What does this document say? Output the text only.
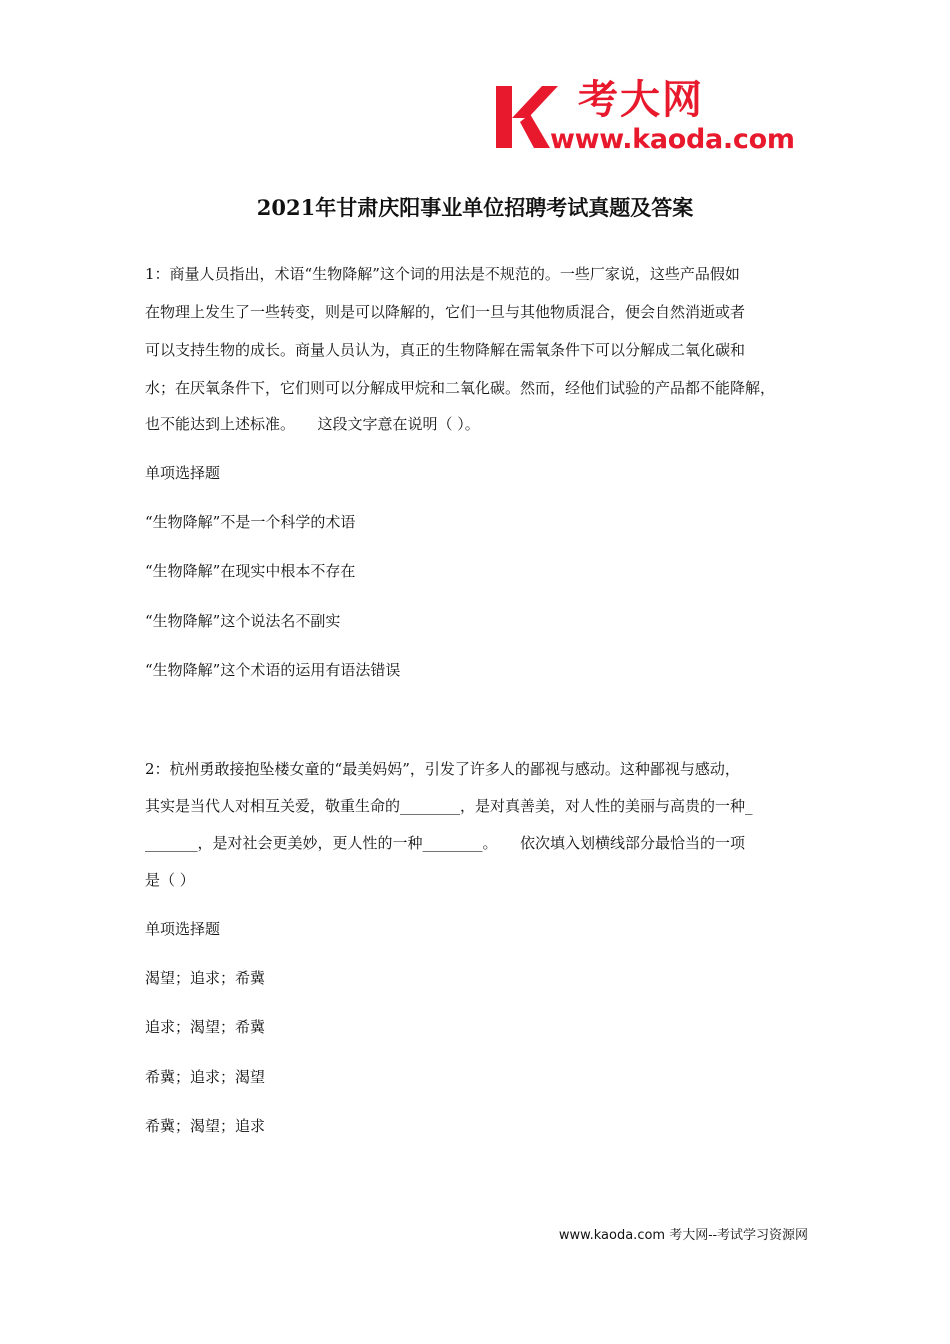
考大网
www.kaoda.com
2021年甘肃庆阳事业单位招聘考试真题及答案
1：商量人员指出，术语“生物降解”这个词的用法是不规范的。一些厂家说，这些产品假如
在物理上发生了一些转变，则是可以降解的，它们一旦与其他物质混合，便会自然消逝或者
可以支持生物的成长。商量人员认为，真正的生物降解在需氧条件下可以分解成二氧化碳和
水；在厌氧条件下，它们则可以分解成甲烷和二氧化碳。然而，经他们试验的产品都不能降解，
也不能达到上述标准。　　这段文字意在说明（ ）。
单项选择题
“生物降解”不是一个科学的术语
“生物降解”在现实中根本不存在
“生物降解”这个说法名不副实
“生物降解”这个术语的运用有语法错误
2：杭州勇敢接抱坠楼女童的“最美妈妈”，引发了许多人的鄙视与感动。这种鄙视与感动，
其实是当代人对相互关爱，敬重生命的________，是对真善美，对人性的美丽与高贵的一种_
_______，是对社会更美妙，更人性的一种________。　　依次填入划横线部分最恰当的一项
是（ ）
单项选择题
渴望；追求；希冀
追求；渴望；希冀
希冀；追求；渴望
希冀；渴望；追求
www.kaoda.com 考大网--考试学习资源网
